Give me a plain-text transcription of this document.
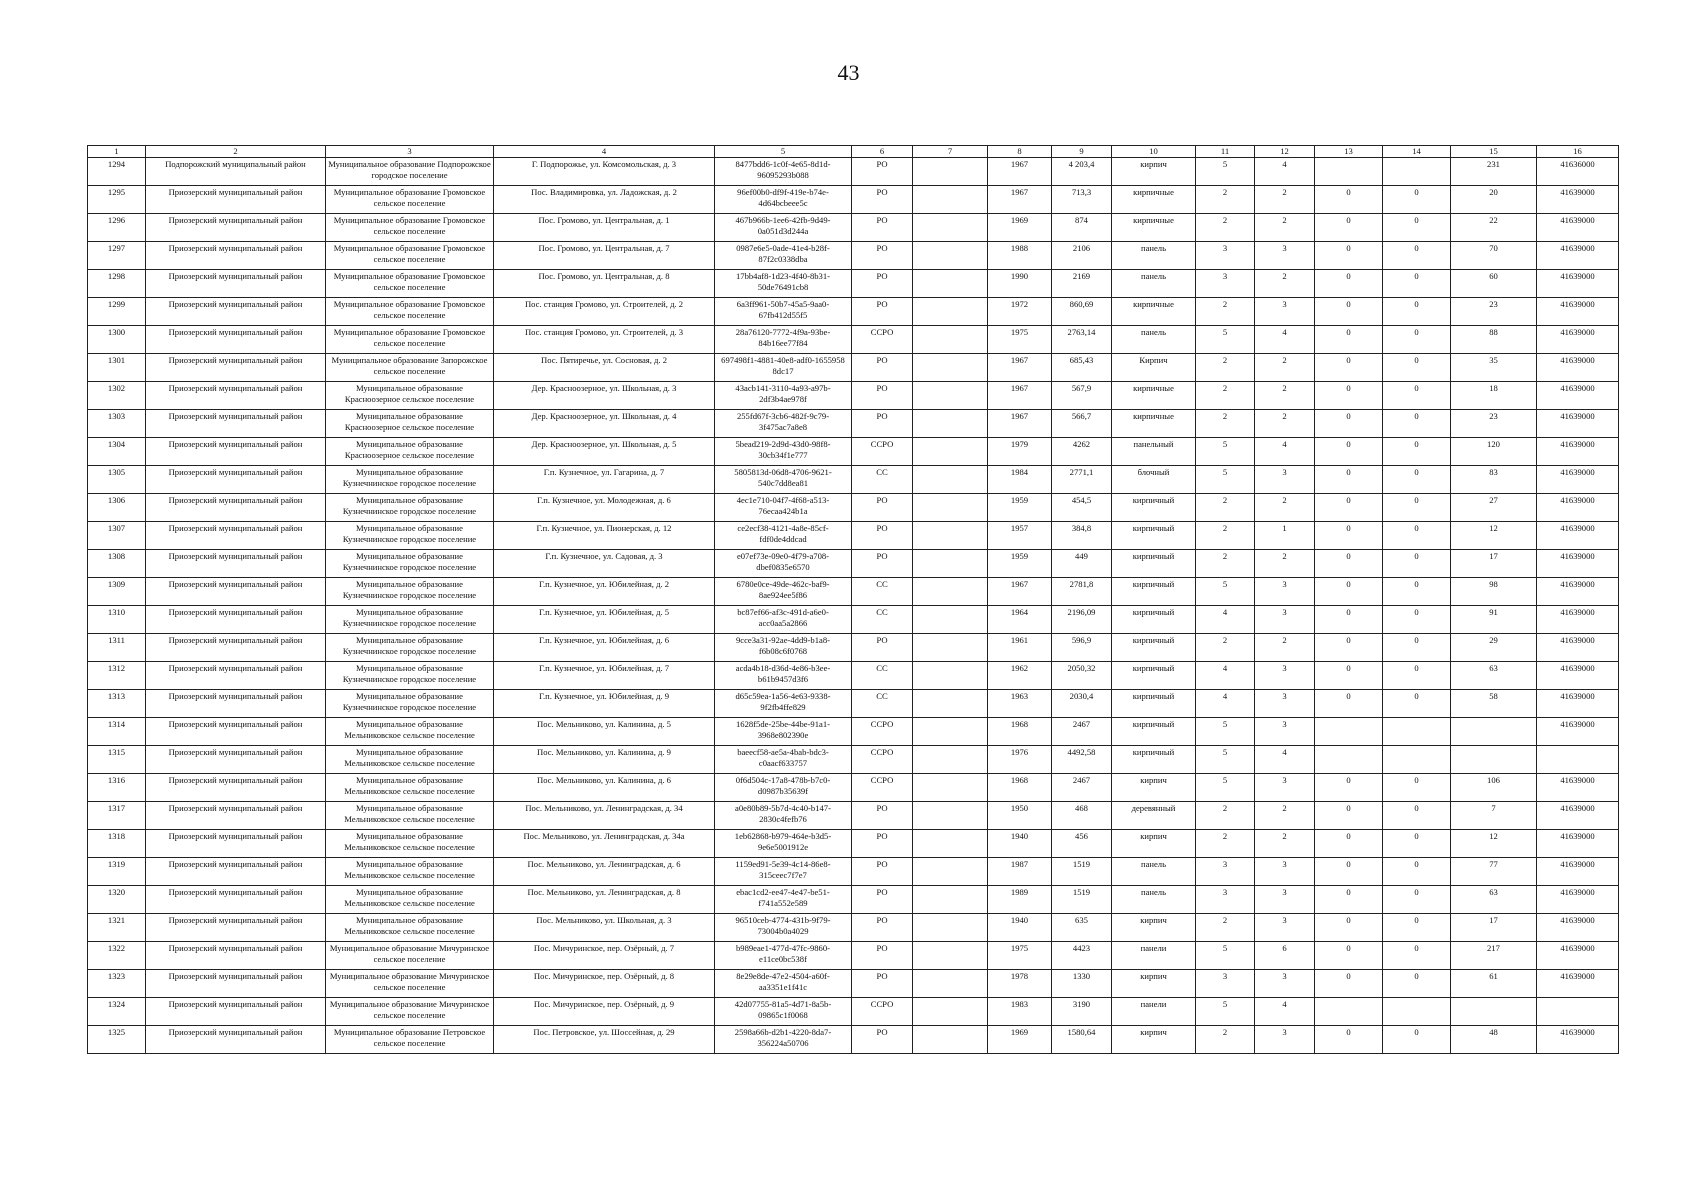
43
1	2	3	4	5	6	7	8	9	10	11	12	13	14	15	16
1294	Подпорожский муниципальный район	Муниципальное образование Подпорожское городское поселение	Г. Подпорожье, ул. Комсомольская, д. 3	8477bdd6-1c0f-4e65-8d1d-96095293b088	РО		1967	4 203,4	кирпич	5	4			231	41636000
1295	Приозерский муниципальный район	Муниципальное образование Громовское сельское поселение	Пос. Владимировка, ул. Ладожская, д. 2	96ef00b0-df9f-419e-b74e-4d64bcbeee5c	РО		1967	713,3	кирпичные	2	2	0	0	20	41639000
1296	Приозерский муниципальный район	Муниципальное образование Громовское сельское поселение	Пос. Громово, ул. Центральная, д. 1	467b966b-1ee6-42fb-9d49-0a051d3d244a	РО		1969	874	кирпичные	2	2	0	0	22	41639000
1297	Приозерский муниципальный район	Муниципальное образование Громовское сельское поселение	Пос. Громово, ул. Центральная, д. 7	0987e6e5-0ade-41e4-b28f-87f2c0338dba	РО		1988	2106	панель	3	3	0	0	70	41639000
1298	Приозерский муниципальный район	Муниципальное образование Громовское сельское поселение	Пос. Громово, ул. Центральная, д. 8	17bb4af8-1d23-4f40-8b31-50de76491cb8	РО		1990	2169	панель	3	2	0	0	60	41639000
1299	Приозерский муниципальный район	Муниципальное образование Громовское сельское поселение	Пос. станция Громово, ул. Строителей, д. 2	6a3ff961-50b7-45a5-9aa0-67fb412d55f5	РО		1972	860,69	кирпичные	2	3	0	0	23	41639000
1300	Приозерский муниципальный район	Муниципальное образование Громовское сельское поселение	Пос. станция Громово, ул. Строителей, д. 3	28a76120-7772-4f9a-93be-84b16ee77f84	ССРО		1975	2763,14	панель	5	4	0	0	88	41639000
1301	Приозерский муниципальный район	Муниципальное образование Запорожское сельское поселение	Пос. Пятиречье, ул. Сосновая, д. 2	697498f1-4881-40e8-adf0-1655958 8dc17	РО		1967	685,43	Кирпич	2	2	0	0	35	41639000
1302	Приозерский муниципальный район	Муниципальное образование Красноозерное сельское поселение	Дер. Красноозерное, ул. Школьная, д. 3	43acb141-3110-4a93-a97b-2df3b4ae978f	РО		1967	567,9	кирпичные	2	2	0	0	18	41639000
1303	Приозерский муниципальный район	Муниципальное образование Красноозерное сельское поселение	Дер. Красноозерное, ул. Школьная, д. 4	255fd67f-3cb6-482f-9c79-3f475ac7a8e8	РО		1967	566,7	кирпичные	2	2	0	0	23	41639000
1304	Приозерский муниципальный район	Муниципальное образование Красноозерное сельское поселение	Дер. Красноозерное, ул. Школьная, д. 5	5bead219-2d9d-43d0-98f8-30cb34f1e777	ССРО		1979	4262	панельный	5	4	0	0	120	41639000
1305	Приозерский муниципальный район	Муниципальное образование Кузнечнинское городское поселение	Г.п. Кузнечное, ул. Гагарина, д. 7	5805813d-06d8-4706-9621-540c7dd8ea81	СС		1984	2771,1	блочный	5	3	0	0	83	41639000
1306	Приозерский муниципальный район	Муниципальное образование Кузнечнинское городское поселение	Г.п. Кузнечное, ул. Молодежная, д. 6	4ec1e710-04f7-4f68-a513-76ecaa424b1a	РО		1959	454,5	кирпичный	2	2	0	0	27	41639000
1307	Приозерский муниципальный район	Муниципальное образование Кузнечнинское городское поселение	Г.п. Кузнечное, ул. Пионерская, д. 12	ce2ecf38-4121-4a8e-85cf-fdf0de4ddcad	РО		1957	384,8	кирпичный	2	1	0	0	12	41639000
1308	Приозерский муниципальный район	Муниципальное образование Кузнечнинское городское поселение	Г.п. Кузнечное, ул. Садовая, д. 3	e07ef73e-09e0-4f79-a708-dbef0835e6570	РО		1959	449	кирпичный	2	2	0	0	17	41639000
1309	Приозерский муниципальный район	Муниципальное образование Кузнечнинское городское поселение	Г.п. Кузнечное, ул. Юбилейная, д. 2	6780e0ce-49de-462c-baf9-8ae924ee5f86	СС		1967	2781,8	кирпичный	5	3	0	0	98	41639000
1310	Приозерский муниципальный район	Муниципальное образование Кузнечнинское городское поселение	Г.п. Кузнечное, ул. Юбилейная, д. 5	bc87ef66-af3c-491d-a6e0-acc0aa5a2866	СС		1964	2196,09	кирпичный	4	3	0	0	91	41639000
1311	Приозерский муниципальный район	Муниципальное образование Кузнечнинское городское поселение	Г.п. Кузнечное, ул. Юбилейная, д. 6	9cce3a31-92ae-4dd9-b1a8-f6b08c6f0768	РО		1961	596,9	кирпичный	2	2	0	0	29	41639000
1312	Приозерский муниципальный район	Муниципальное образование Кузнечнинское городское поселение	Г.п. Кузнечное, ул. Юбилейная, д. 7	acda4b18-d36d-4e86-b3ee-b61b9457d3f6	СС		1962	2050,32	кирпичный	4	3	0	0	63	41639000
1313	Приозерский муниципальный район	Муниципальное образование Кузнечнинское городское поселение	Г.п. Кузнечное, ул. Юбилейная, д. 9	d65c59ea-1a56-4e63-9338-9f2fb4ffe829	СС		1963	2030,4	кирпичный	4	3	0	0	58	41639000
1314	Приозерский муниципальный район	Муниципальное образование Мельниковское сельское поселение	Пос. Мельниково, ул. Калинина, д. 5	1628f5de-25be-44be-91a1-3968e802390e	ССРО		1968	2467	кирпичный	5	3				41639000
1315	Приозерский муниципальный район	Муниципальное образование Мельниковское сельское поселение	Пос. Мельниково, ул. Калинина, д. 9	baeecf58-ae5a-4bab-bdc3-c0aacf633757	ССРО		1976	4492,58	кирпичный	5	4				
1316	Приозерский муниципальный район	Муниципальное образование Мельниковское сельское поселение	Пос. Мельниково, ул. Калинина, д. 6	0f6d504c-17a8-478b-b7c0-d0987b35639f	ССРО		1968	2467	кирпич	5	3	0	0	106	41639000
1317	Приозерский муниципальный район	Муниципальное образование Мельниковское сельское поселение	Пос. Мельниково, ул. Ленинградская, д. 34	a0e80b89-5b7d-4c40-b147-2830c4fefb76	РО		1950	468	деревянный	2	2	0	0	7	41639000
1318	Приозерский муниципальный район	Муниципальное образование Мельниковское сельское поселение	Пос. Мельниково, ул. Ленинградская, д. 34а	1eb62868-b979-464e-b3d5-9e6e5001912e	РО		1940	456	кирпич	2	2	0	0	12	41639000
1319	Приозерский муниципальный район	Муниципальное образование Мельниковское сельское поселение	Пос. Мельниково, ул. Ленинградская, д. 6	1159ed91-5e39-4c14-86e8-315ceec7f7e7	РО		1987	1519	панель	3	3	0	0	77	41639000
1320	Приозерский муниципальный район	Муниципальное образование Мельниковское сельское поселение	Пос. Мельниково, ул. Ленинградская, д. 8	ebac1cd2-ee47-4e47-be51-f741a552e589	РО		1989	1519	панель	3	3	0	0	63	41639000
1321	Приозерский муниципальный район	Муниципальное образование Мельниковское сельское поселение	Пос. Мельниково, ул. Школьная, д. 3	96510ceb-4774-431b-9f79-73004b0a4029	РО		1940	635	кирпич	2	3	0	0	17	41639000
1322	Приозерский муниципальный район	Муниципальное образование Мичуринское сельское поселение	Пос. Мичуринское, пер. Озёрный, д. 7	b989eae1-477d-47fc-9860-e11ce0bc538f	РО		1975	4423	панели	5	6	0	0	217	41639000
1323	Приозерский муниципальный район	Муниципальное образование Мичуринское сельское поселение	Пос. Мичуринское, пер. Озёрный, д. 8	8e29e8de-47e2-4504-a60f-aa3351e1f41c	РО		1978	1330	кирпич	3	3	0	0	61	41639000
1324	Приозерский муниципальный район	Муниципальное образование Мичуринское сельское поселение	Пос. Мичуринское, пер. Озёрный, д. 9	42d07755-81a5-4d71-8a5b-09865c1f0068	ССРО		1983	3190	панели	5	4				
1325	Приозерский муниципальный район	Муниципальное образование Петровское сельское поселение	Пос. Петровское, ул. Шоссейная, д. 29	2598a66b-d2b1-4220-8da7-356224a50706	РО		1969	1580,64	кирпич	2	3	0	0	48	41639000
